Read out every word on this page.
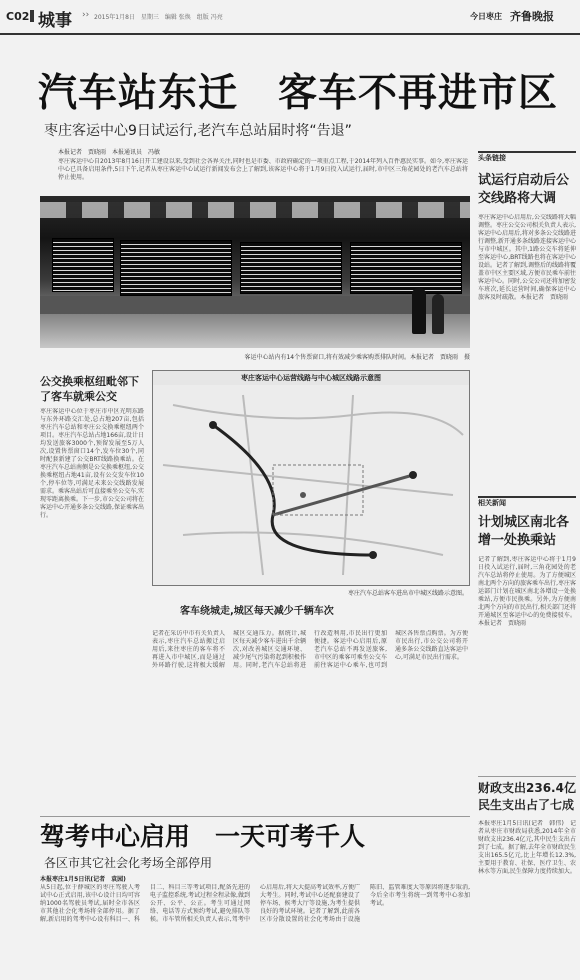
C02 城事 ›› 2015年1月8日　星期三　编辑 张焕　组版 冯亮	今日枣庄 齐鲁晚报
汽车站东迁　客车不再进市区
枣庄客运中心9日试运行,老汽车总站届时将“告退”
本报记者　贾晓雨　本报通讯员　冯敏
枣庄客运中心自2013年8月16日开工建设以来,受到社会各界关注,同时也是市委、市政府确定的一项重点工程,于2014年列入百件惠民实事。如今,枣庄客运中心已具备启用条件,5日下午,记者从枣庄客运中心试运行新闻发布会上了解到,该客运中心将于1月9日投入试运行,届时,市中区三角花园处的老汽车总站将停止使用。
客运中心站内有14个售票窗口,将有效减少乘客购票排队时间。本报记者　贾晓雨　摄
公交换乘枢纽毗邻下了客车就乘公交
枣庄客运中心位于枣庄市中区光明东路与东外环路交汇处,总占地207亩,包括枣庄汽车总站和枣庄公交换乘枢纽两个项目。枣庄汽车总站占地166亩,设计日均发送旅客3000个,预留发展至5万人次,设置售票窗口14个,发车位30个,同时配套新建了公交BRT线路换乘站。在枣庄汽车总站南侧是公交换乘枢纽,公交换乘枢纽占地41亩,设有公交发车位10个,停车位等,可满足未来公交线路发展需求。乘客出站后可直接乘坐公交车,实现零距离换乘。下一步,市公交公司将在客运中心开通多条公交线路,保证乘客出行。
枣庄客运中心运营线路与中心城区线路示意图
枣庄汽车总站客车进出市中城区线路示意图。
客车绕城走,城区每天减少千辆车次
记者在采访中市有关负责人表示,枣庄汽车总站搬迁启用后,来往枣庄的客车将不再进入市中城区,而是通过外环路行驶,这将极大缓解城区交通压力。据统计,城区每天减少客车进出千余辆次,对改善城区交通环境、减少尾气污染将起到积极作用。同时,老汽车总站将进行改造利用,市民出行更加便捷。客运中心启用后,原老汽车总站不再发送旅客,市中区的乘客可乘坐公交车前往客运中心乘车,也可到城区各售票点购票。为方便市民出行,市公交公司将开通多条公交线路直达客运中心,可满足市民出行需求。
驾考中心启用　一天可考千人
各区市其它社会化考场全部停用
本报枣庄1月5日讯(记者　袁园)
从5日起,位于薛城区的枣庄驾驶人考试中心正式启用,该中心设计日均可容纳1000名驾驶员考试,届时全市各区市其他社会化考场将全部停用。据了解,新启用的驾考中心设有科目一、科目二、科目三等考试项目,配备先进的电子监控系统,考试过程全程录像,做到公开、公平、公正。考生可通过网络、电话等方式预约考试,避免排队等候。市车管所相关负责人表示,驾考中心启用后,将大大提高考试效率,方便广大考生。同时,考试中心还配套建设了停车场、候考大厅等设施,为考生提供良好的考试环境。记者了解到,此前各区市分散设置的社会化考场由于设施陈旧、监管难度大等原因将逐步取消,今后全市考生将统一到驾考中心参加考试。
头条链接
试运行启动后公交线路将大调
枣庄客运中心启用后,公交线路将大幅调整。枣庄公交公司相关负责人表示,客运中心启用后,将对多条公交线路进行调整,新开通多条线路连接客运中心与市中城区。其中,1路公交车将延伸至客运中心,BRT线路也将在客运中心设站。记者了解到,调整后的线路将覆盖市中区主要区域,方便市民乘车前往客运中心。同时,公交公司还将加密发车班次,延长运营时间,确保客运中心旅客及时疏散。本报记者　贾晓雨
相关新闻
计划城区南北各增一处换乘站
记者了解到,枣庄客运中心将于1月9日投入试运行,届时,三角花园处的老汽车总站将停止使用。为了方便城区南北两个方向的旅客乘车出行,枣庄客运部门计划在城区南北各增设一处换乘站,方便市民换乘。另外,为方便南北两个方向的市民出行,相关部门还将开通城区至客运中心的免费接驳车。本报记者　贾晓雨
财政支出236.4亿民生支出占了七成
本报枣庄1月5日讯(记者　韩伟)　记者从枣庄市财政局获悉,2014年全市财政支出236.4亿元,其中民生支出占到了七成。据了解,去年全市财政民生支出165.5亿元,比上年增长12.3%,主要用于教育、社保、医疗卫生、农林水等方面,民生保障力度持续加大。
